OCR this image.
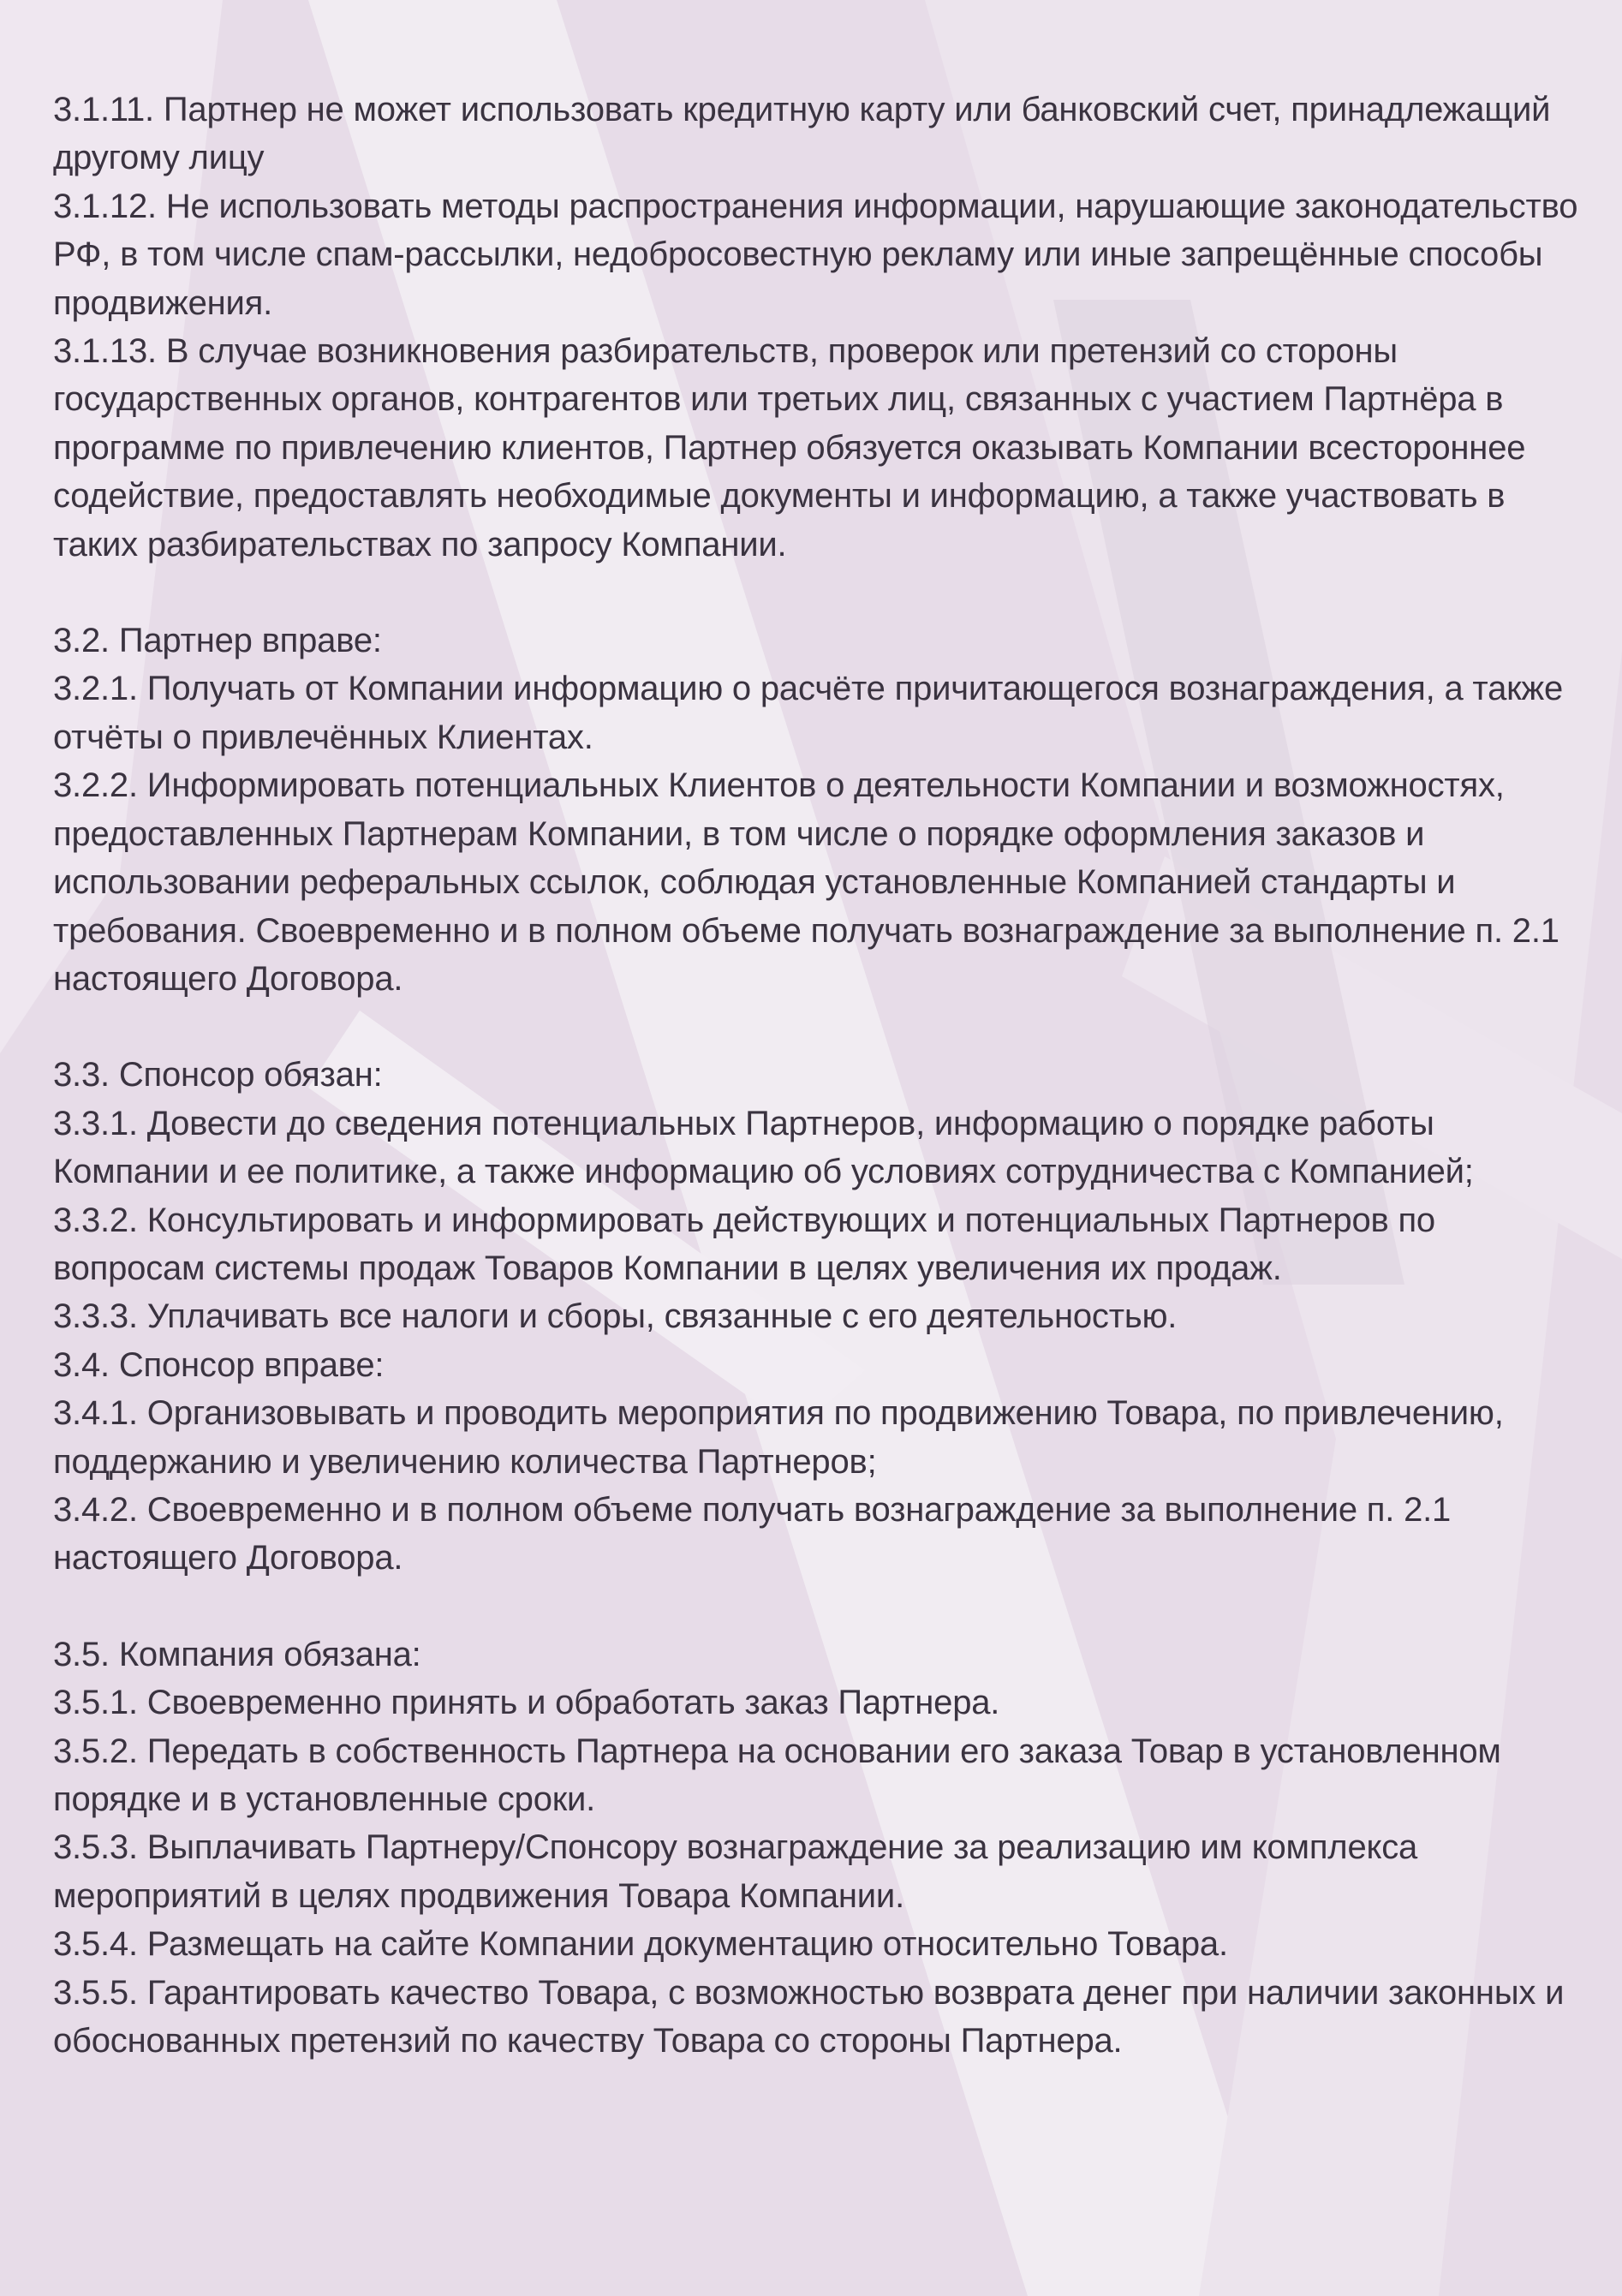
3.1.11. Партнер не может использовать кредитную карту или банковский счет, принадлежащий другому лицу
3.1.12. Не использовать методы распространения информации, нарушающие законодательство РФ, в том числе спам-рассылки, недобросовестную рекламу или иные запрещённые способы продвижения.
3.1.13. В случае возникновения разбирательств, проверок или претензий со стороны государственных органов, контрагентов или третьих лиц, связанных с участием Партнёра в программе по привлечению клиентов, Партнер обязуется оказывать Компании всестороннее содействие, предоставлять необходимые документы и информацию, а также участвовать в таких разбирательствах по запросу Компании.
3.2. Партнер вправе:
3.2.1. Получать от Компании информацию о расчёте причитающегося вознаграждения, а также отчёты о привлечённых Клиентах.
3.2.2. Информировать потенциальных Клиентов о деятельности Компании и возможностях, предоставленных Партнерам Компании, в том числе о порядке оформления заказов и использовании реферальных ссылок, соблюдая установленные Компанией стандарты и требования. Своевременно и в полном объеме получать вознаграждение за выполнение п. 2.1 настоящего Договора.
3.3. Спонсор обязан:
3.3.1. Довести до сведения потенциальных Партнеров, информацию о порядке работы Компании и ее политике, а также информацию об условиях сотрудничества с Компанией;
3.3.2. Консультировать и информировать действующих и потенциальных Партнеров по вопросам системы продаж Товаров Компании в целях увеличения их продаж.
3.3.3. Уплачивать все налоги и сборы, связанные с его деятельностью.
3.4. Спонсор вправе:
3.4.1. Организовывать и проводить мероприятия по продвижению Товара, по привлечению, поддержанию и увеличению количества Партнеров;
3.4.2. Своевременно и в полном объеме получать вознаграждение за выполнение п. 2.1 настоящего Договора.
3.5. Компания обязана:
3.5.1. Своевременно принять и обработать заказ Партнера.
3.5.2. Передать в собственность Партнера на основании его заказа Товар в установленном порядке и в установленные сроки.
3.5.3. Выплачивать Партнеру/Спонсору вознаграждение за реализацию им комплекса мероприятий в целях продвижения Товара Компании.
3.5.4. Размещать на сайте Компании документацию относительно Товара.
3.5.5. Гарантировать качество Товара, с возможностью возврата денег при наличии законных и обоснованных претензий по качеству Товара со стороны Партнера.
